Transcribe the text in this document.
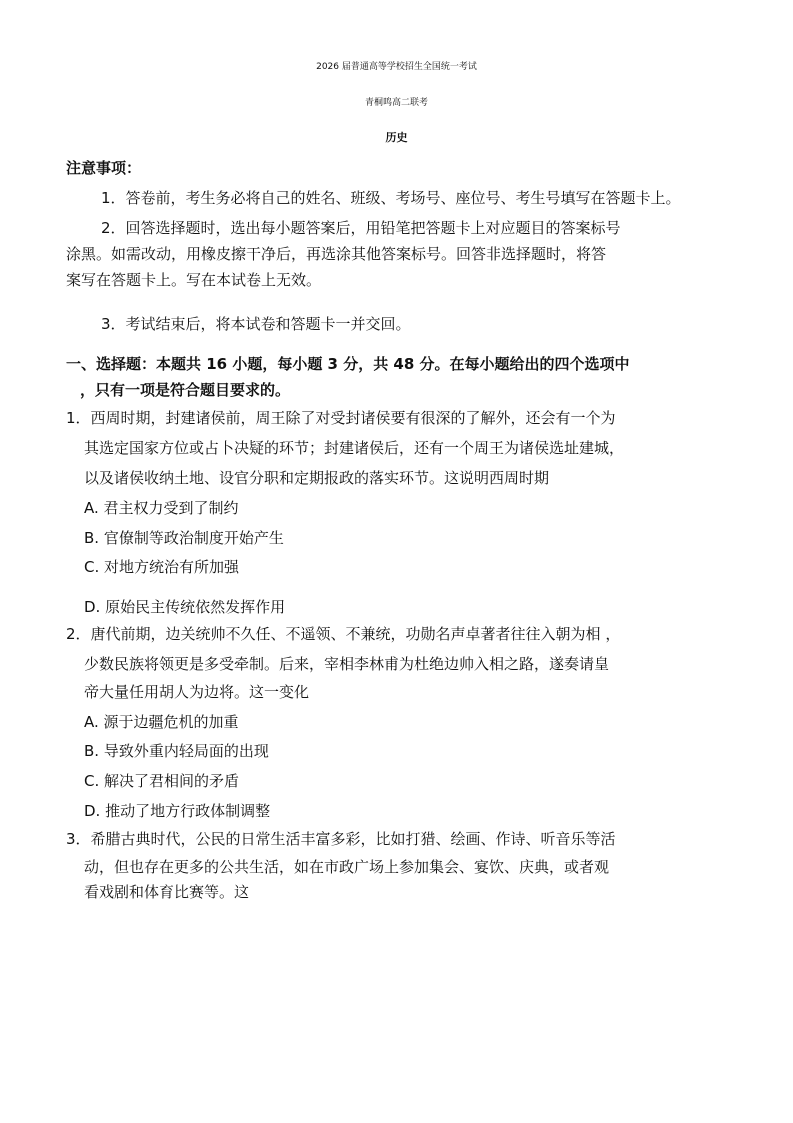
2026 届普通高等学校招生全国统一考试
青桐鸣高二联考
历史
注意事项：
1．答卷前，考生务必将自己的姓名、班级、考场号、座位号、考生号填写在答题卡上。
2．回答选择题时，选出每小题答案后，用铅笔把答题卡上对应题目的答案标号
涂黑。如需改动，用橡皮擦干净后，再选涂其他答案标号。回答非选择题时，将答
案写在答题卡上。写在本试卷上无效。
3．考试结束后，将本试卷和答题卡一并交回。
一、选择题：本题共 16 小题，每小题 3 分，共 48 分。在每小题给出的四个选项中
，只有一项是符合题目要求的。
1．西周时期，封建诸侯前，周王除了对受封诸侯要有很深的了解外，还会有一个为
其选定国家方位或占卜决疑的环节；封建诸侯后，还有一个周王为诸侯选址建城，
以及诸侯收纳土地、设官分职和定期报政的落实环节。这说明西周时期
A. 君主权力受到了制约
B. 官僚制等政治制度开始产生
C. 对地方统治有所加强
D. 原始民主传统依然发挥作用
2．唐代前期，边关统帅不久任、不遥领、不兼统，功勋名声卓著者往往入朝为相 ，
少数民族将领更是多受牵制。后来，宰相李林甫为杜绝边帅入相之路，遂奏请皇
帝大量任用胡人为边将。这一变化
A. 源于边疆危机的加重
B. 导致外重内轻局面的出现
C. 解决了君相间的矛盾
D. 推动了地方行政体制调整
3．希腊古典时代，公民的日常生活丰富多彩，比如打猎、绘画、作诗、听音乐等活
动，但也存在更多的公共生活，如在市政广场上参加集会、宴饮、庆典，或者观
看戏剧和体育比赛等。这
